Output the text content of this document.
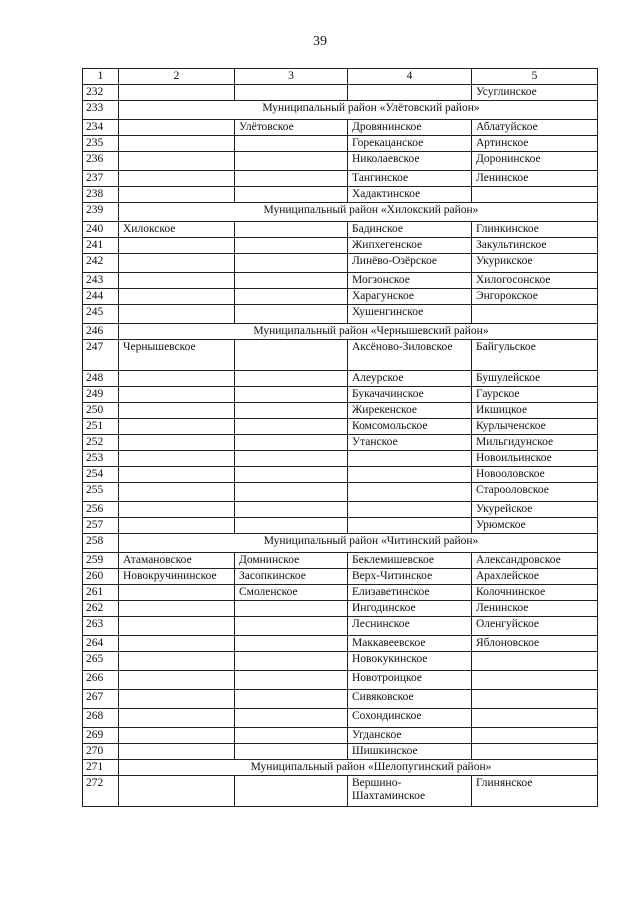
39
1	2	3	4	5
232				Усуглинское
233	Муниципальный район «Улётовский район»			
234		Улётовское	Дровянинское	Аблатуйское
235			Горекацанское	Артинское
236			Николаевское	Доронинское
237			Тангинское	Ленинское
238			Хадактинское	
239	Муниципальный район «Хилокский район»			
240	Хилокское		Бадинское	Глинкинское
241			Жипхегенское	Закультинское
242			Линёво-Озёрское	Укурикское
243			Могзонское	Хилогосонское
244			Харагунское	Энгорокское
245			Хушенгинское	
246	Муниципальный район «Чернышевский район»			
247	Чернышевское		Аксёново-Зиловское	Байгульское
248			Алеурское	Бушулейское
249			Букачачинское	Гаурское
250			Жирекенское	Икшицкое
251			Комсомольское	Курлыченское
252			Утанское	Мильгидунское
253				Новоильинское
254				Новооловское
255				Старооловское
256				Укурейское
257				Урюмское
258	Муниципальный район «Читинский район»			
259	Атамановское	Домнинское	Беклемишевское	Александровское
260	Новокручининское	Засопкинское	Верх-Читинское	Арахлейское
261		Смоленское	Елизаветинское	Колочнинское
262			Ингодинское	Ленинское
263			Леснинское	Оленгуйское
264			Маккавеевское	Яблоновское
265			Новокукинское	
266			Новотроицкое	
267			Сивяковское	
268			Сохондинское	
269			Угданское	
270			Шишкинское	
271	Муниципальный район «Шелопугинский район»			
272			Вершино-Шахтаминское	Глинянское
